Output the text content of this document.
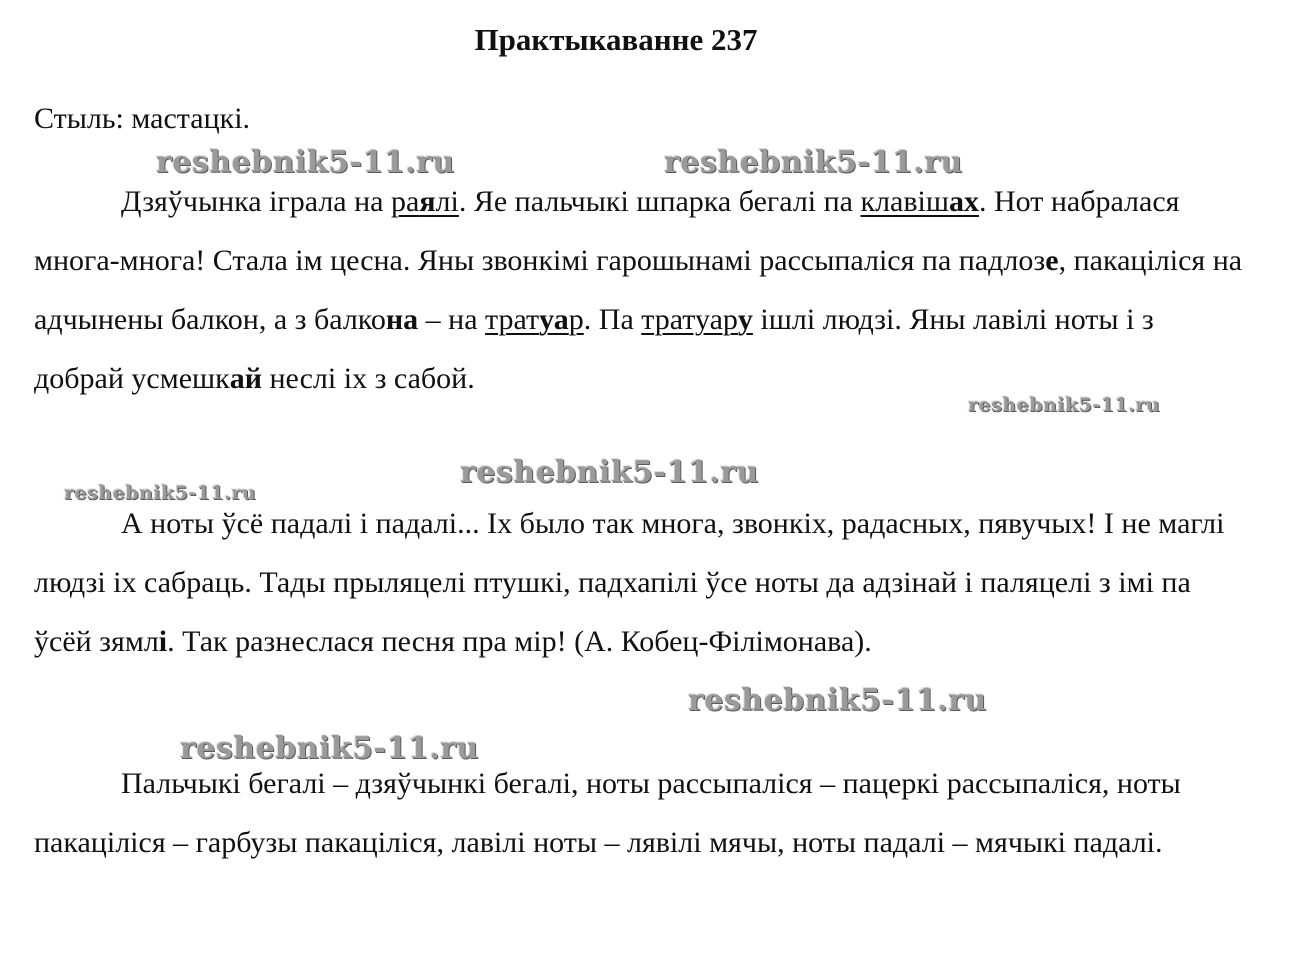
Практыкаванне 237
Стыль: мастацкі.

Дзяўчынка іграла на раялі. Яе пальчыкі шпарка бегалі па клавішах. Нот набралася многа-многа! Стала ім цесна. Яны звонкімі гарошынамі рассыпаліся па падлозе, пакаціліся на адчынены балкон, а з балкона – на тратуар. Па тратуару ішлі людзі. Яны лавілі ноты і з добрай усмешкай неслі іх з сабой.

А ноты ўсё падалі і падалі... Іх было так многа, звонкіх, радасных, пявучых! І не маглі людзі іх сабраць. Тады прыляцелі птушкі, падхапілі ўсе ноты да адзінай і паляцелі з імі па ўсёй зямлі. Так разнеслася песня пра мір! (А. Кобец-Філімонава).

Пальчыкі бегалі – дзяўчынкі бегалі, ноты рассыпаліся – пацеркі рассыпаліся, ноты пакаціліся – гарбузы пакаціліся, лавілі ноты – лявілі мячы, ноты падалі – мячыкі падалі.

reshebnik5-11.ru	reshebnik5-11.ru
reshebnik5-11.ru
reshebnik5-11.ru
reshebnik5-11.ru
reshebnik5-11.ru
reshebnik5-11.ru
